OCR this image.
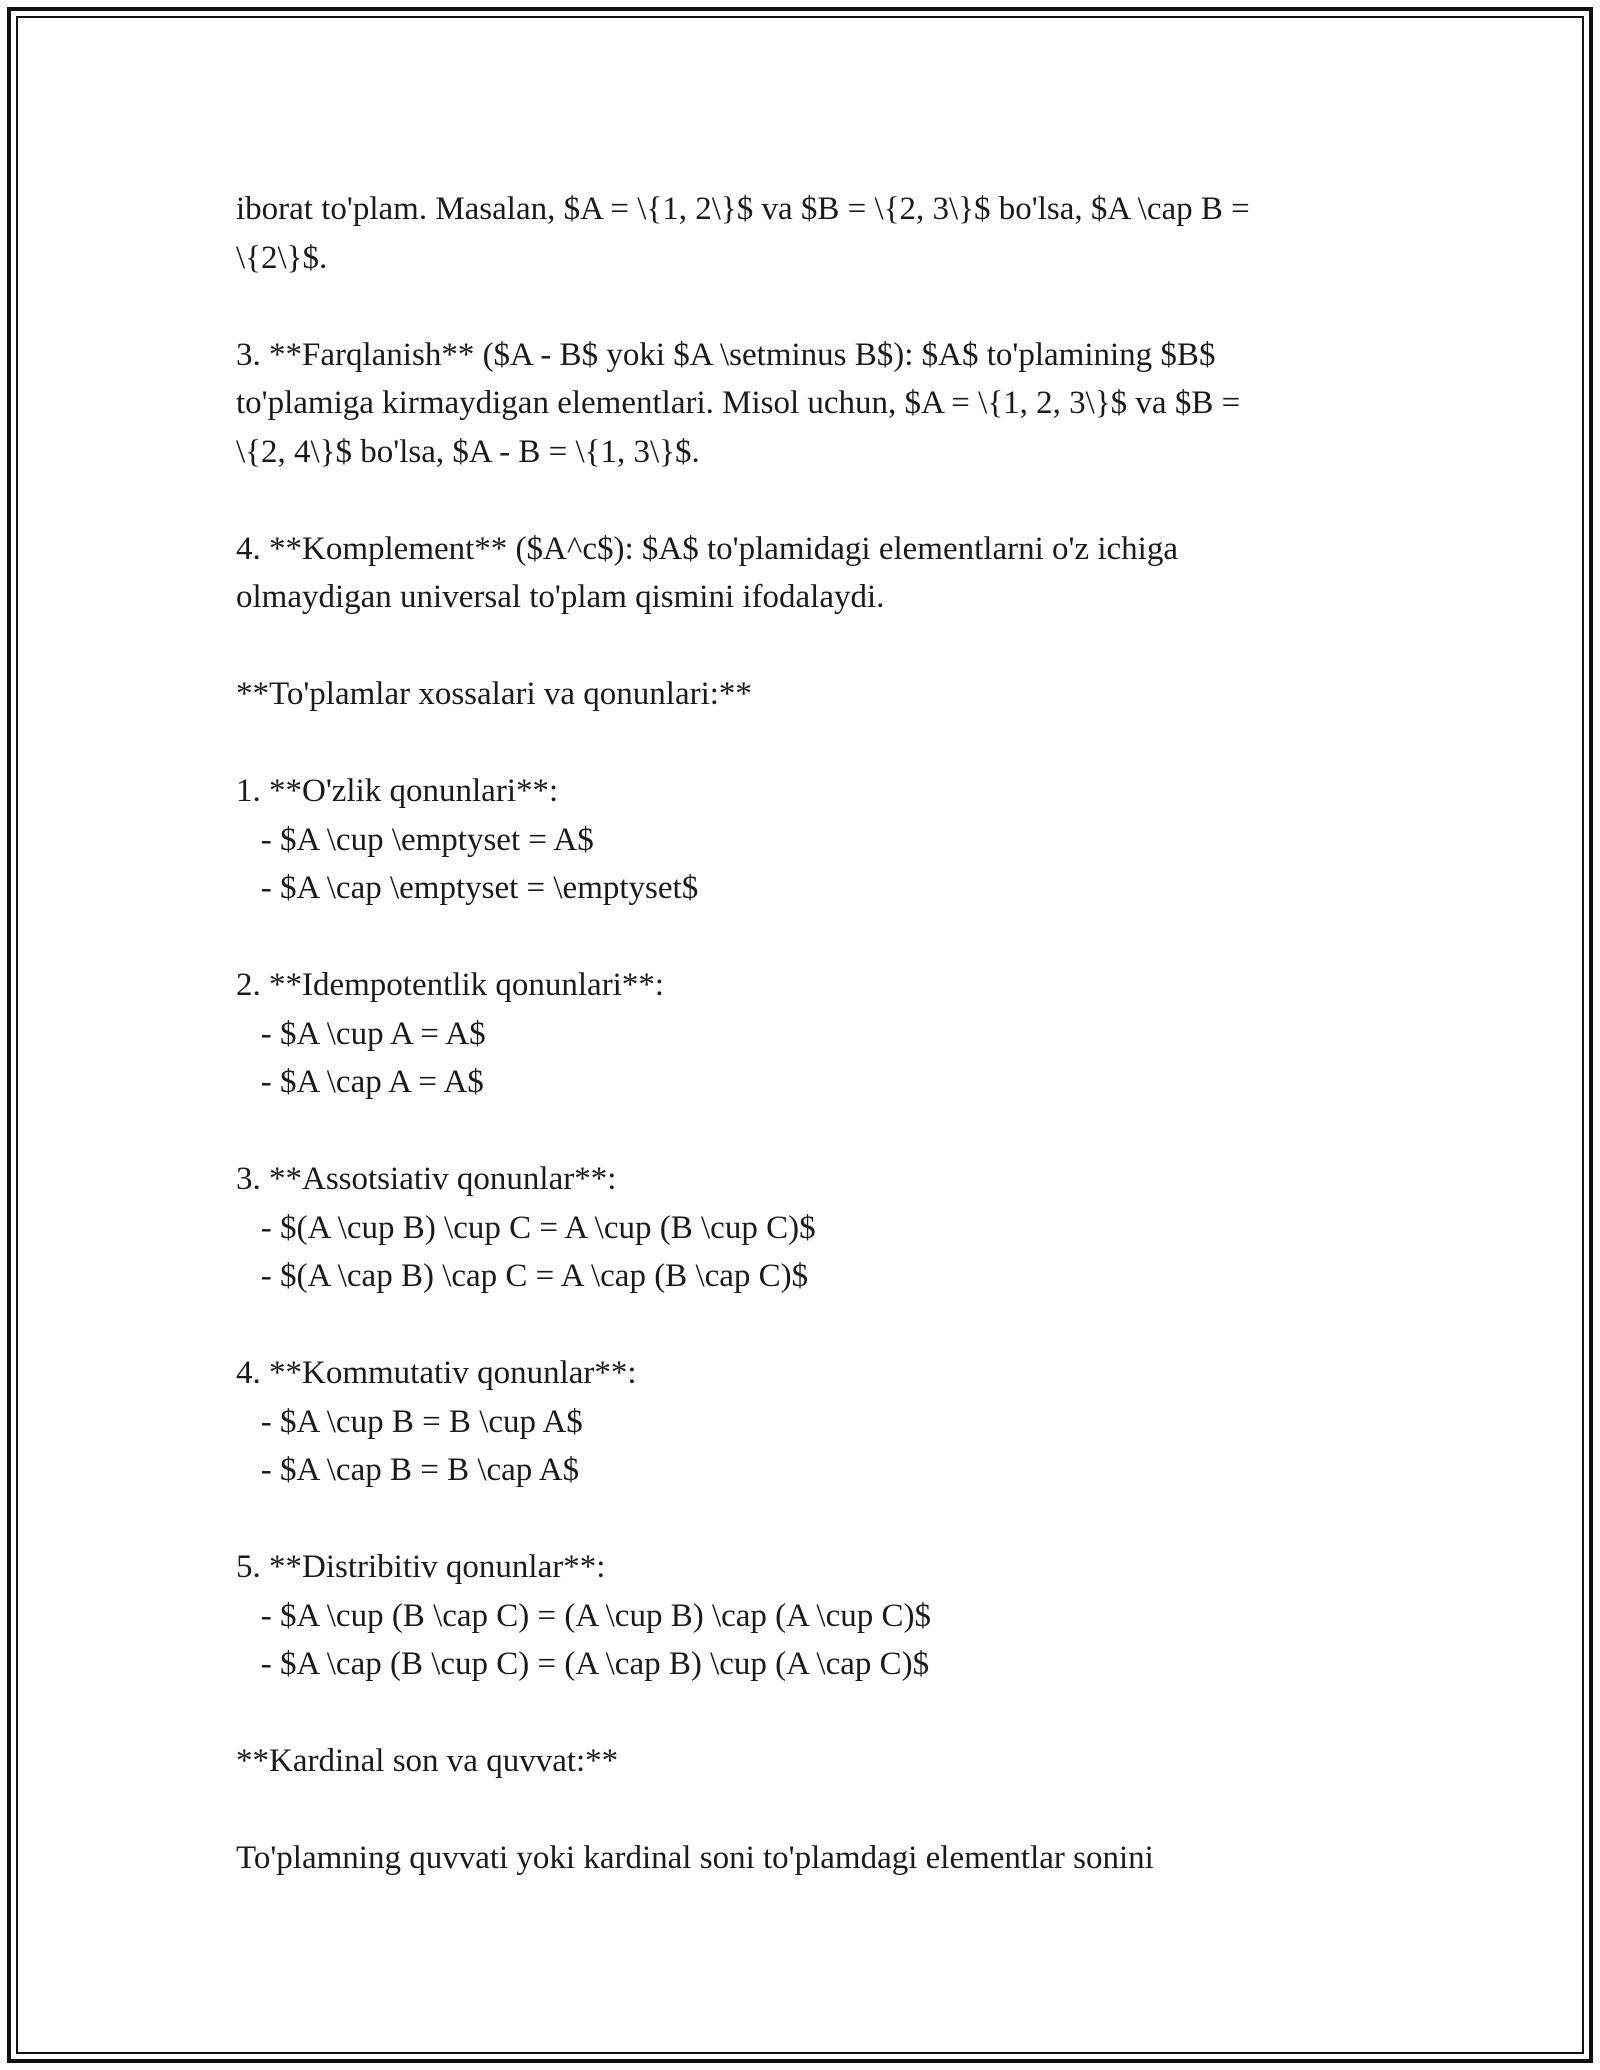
iborat to'plam. Masalan, $A = \{1, 2\}$ va $B = \{2, 3\}$ bo'lsa, $A \cap B =
\{2\}$.
3. **Farqlanish** ($A - B$ yoki $A \setminus B$): $A$ to'plamining $B$
to'plamiga kirmaydigan elementlari. Misol uchun, $A = \{1, 2, 3\}$ va $B =
\{2, 4\}$ bo'lsa, $A - B = \{1, 3\}$.
4. **Komplement** ($A^c$): $A$ to'plamidagi elementlarni o'z ichiga
olmaydigan universal to'plam qismini ifodalaydi.
**To'plamlar xossalari va qonunlari:**
1. **O'zlik qonunlari**:
- $A \cup \emptyset = A$
- $A \cap \emptyset = \emptyset$
2. **Idempotentlik qonunlari**:
- $A \cup A = A$
- $A \cap A = A$
3. **Assotsiativ qonunlar**:
- $(A \cup B) \cup C = A \cup (B \cup C)$
- $(A \cap B) \cap C = A \cap (B \cap C)$
4. **Kommutativ qonunlar**:
- $A \cup B = B \cup A$
- $A \cap B = B \cap A$
5. **Distribitiv qonunlar**:
- $A \cup (B \cap C) = (A \cup B) \cap (A \cup C)$
- $A \cap (B \cup C) = (A \cap B) \cup (A \cap C)$
**Kardinal son va quvvat:**
To'plamning quvvati yoki kardinal soni to'plamdagi elementlar sonini
